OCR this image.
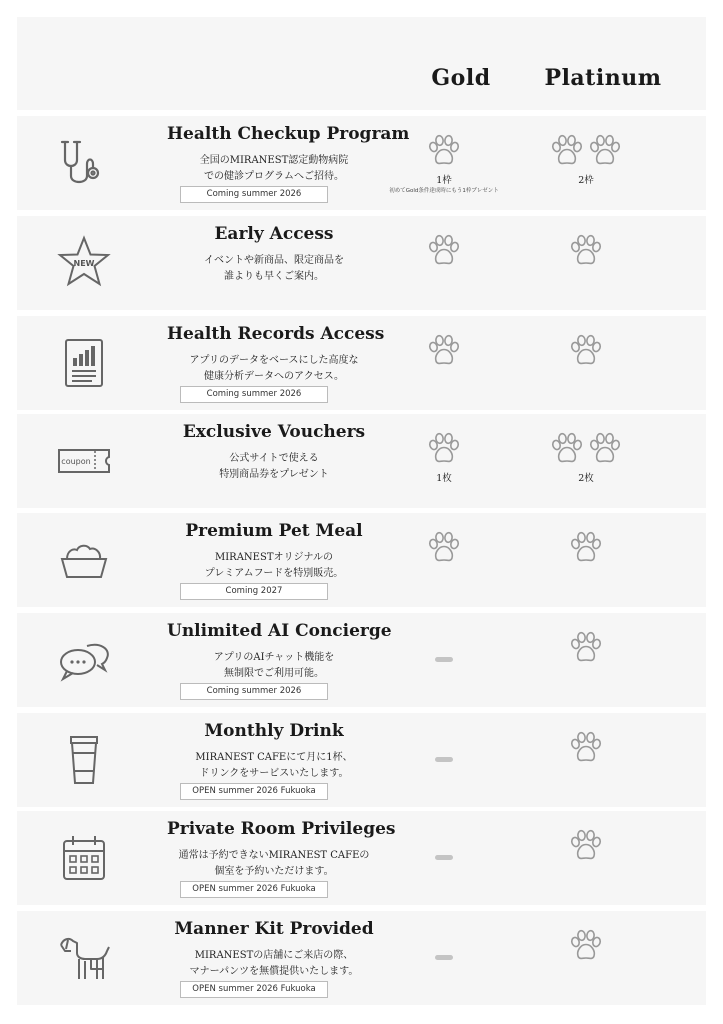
Gold Platinum
Health Checkup Program
全国のMIRANEST認定動物病院
での健診プログラムへご招待。
Coming summer 2026
1枠
初めてGold条件達成時にもう1枠プレゼント
2枠
NEW
Early Access
イベントや新商品、限定商品を
誰よりも早くご案内。
Health Records Access
アプリのデータをベースにした高度な
健康分析データへのアクセス。
Coming summer 2026
coupon
Exclusive Vouchers
公式サイトで使える
特別商品券をプレゼント	1枚	2枚
Premium Pet Meal
MIRANESTオリジナルの
プレミアムフードを特別販売。
Coming 2027
Unlimited AI Concierge
アプリのAIチャット機能を
無制限でご利用可能。
Coming summer 2026
Monthly Drink
MIRANEST CAFEにて月に1杯、
ドリンクをサービスいたします。
OPEN summer 2026 Fukuoka
Private Room Privileges
通常は予約できないMIRANEST CAFEの
個室を予約いただけます。
OPEN summer 2026 Fukuoka
Manner Kit Provided
MIRANESTの店舗にご来店の際、
マナーパンツを無償提供いたします。
OPEN summer 2026 Fukuoka
